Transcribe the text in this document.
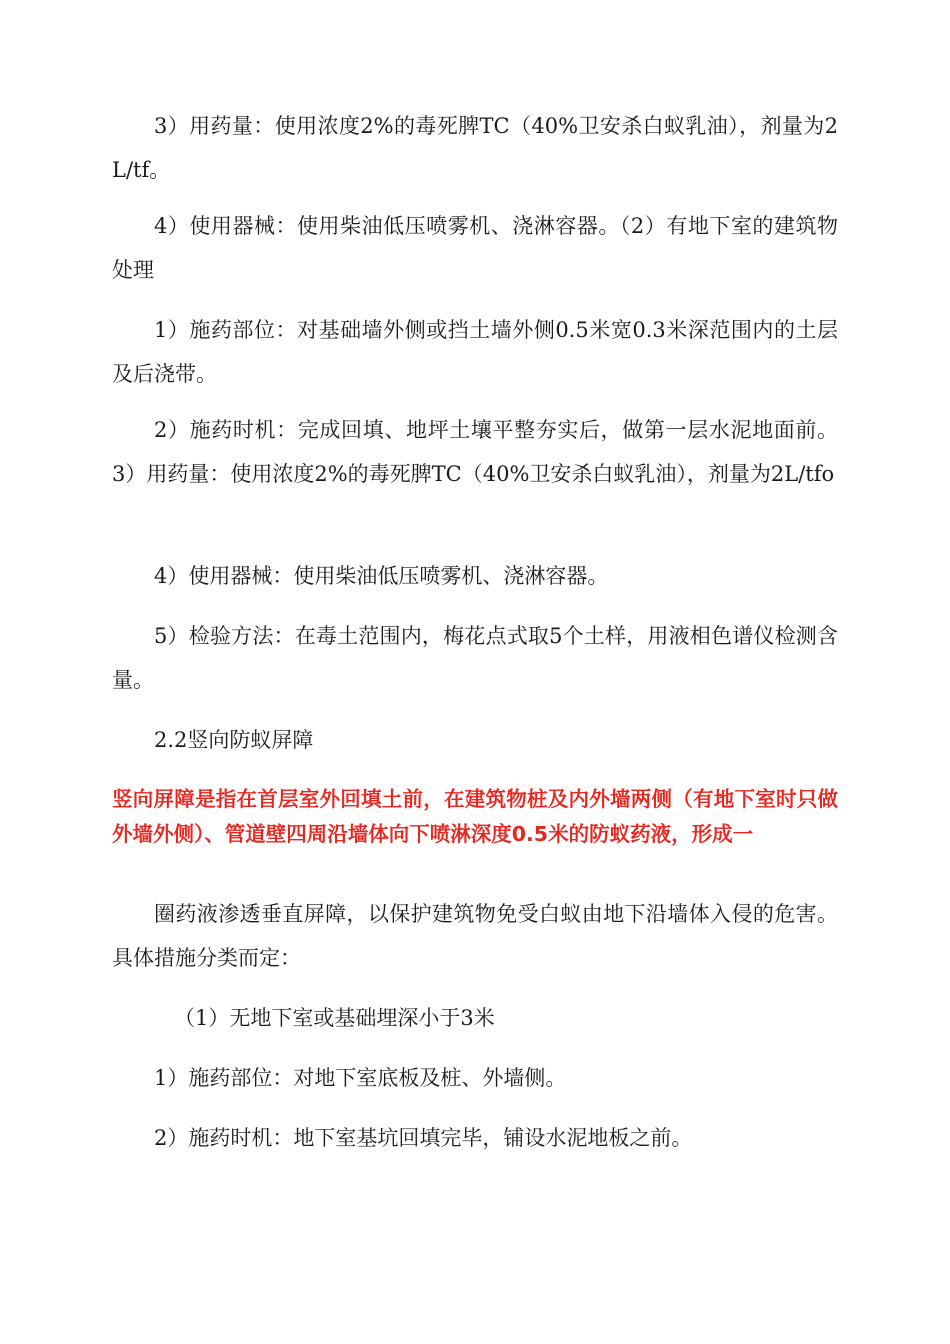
3）用药量：使用浓度2%的毒死脾TC（40%卫安杀白蚁乳油），剂量为2L/tf。

4）使用器械：使用柴油低压喷雾机、浇淋容器。（2）有地下室的建筑物处理

1）施药部位：对基础墙外侧或挡土墙外侧0.5米宽0.3米深范围内的土层及后浇带。

2）施药时机：完成回填、地坪土壤平整夯实后，做第一层水泥地面前。3）用药量：使用浓度2%的毒死脾TC（40%卫安杀白蚁乳油），剂量为2L/tfo

4）使用器械：使用柴油低压喷雾机、浇淋容器。

5）检验方法：在毒土范围内，梅花点式取5个土样，用液相色谱仪检测含量。

2.2竖向防蚁屏障

竖向屏障是指在首层室外回填土前，在建筑物桩及内外墙两侧（有地下室时只做外墙外侧）、管道壁四周沿墙体向下喷淋深度0.5米的防蚁药液，形成一

圈药液渗透垂直屏障，以保护建筑物免受白蚁由地下沿墙体入侵的危害。具体措施分类而定：

（1）无地下室或基础埋深小于3米

1）施药部位：对地下室底板及桩、外墙侧。

2）施药时机：地下室基坑回填完毕，铺设水泥地板之前。
